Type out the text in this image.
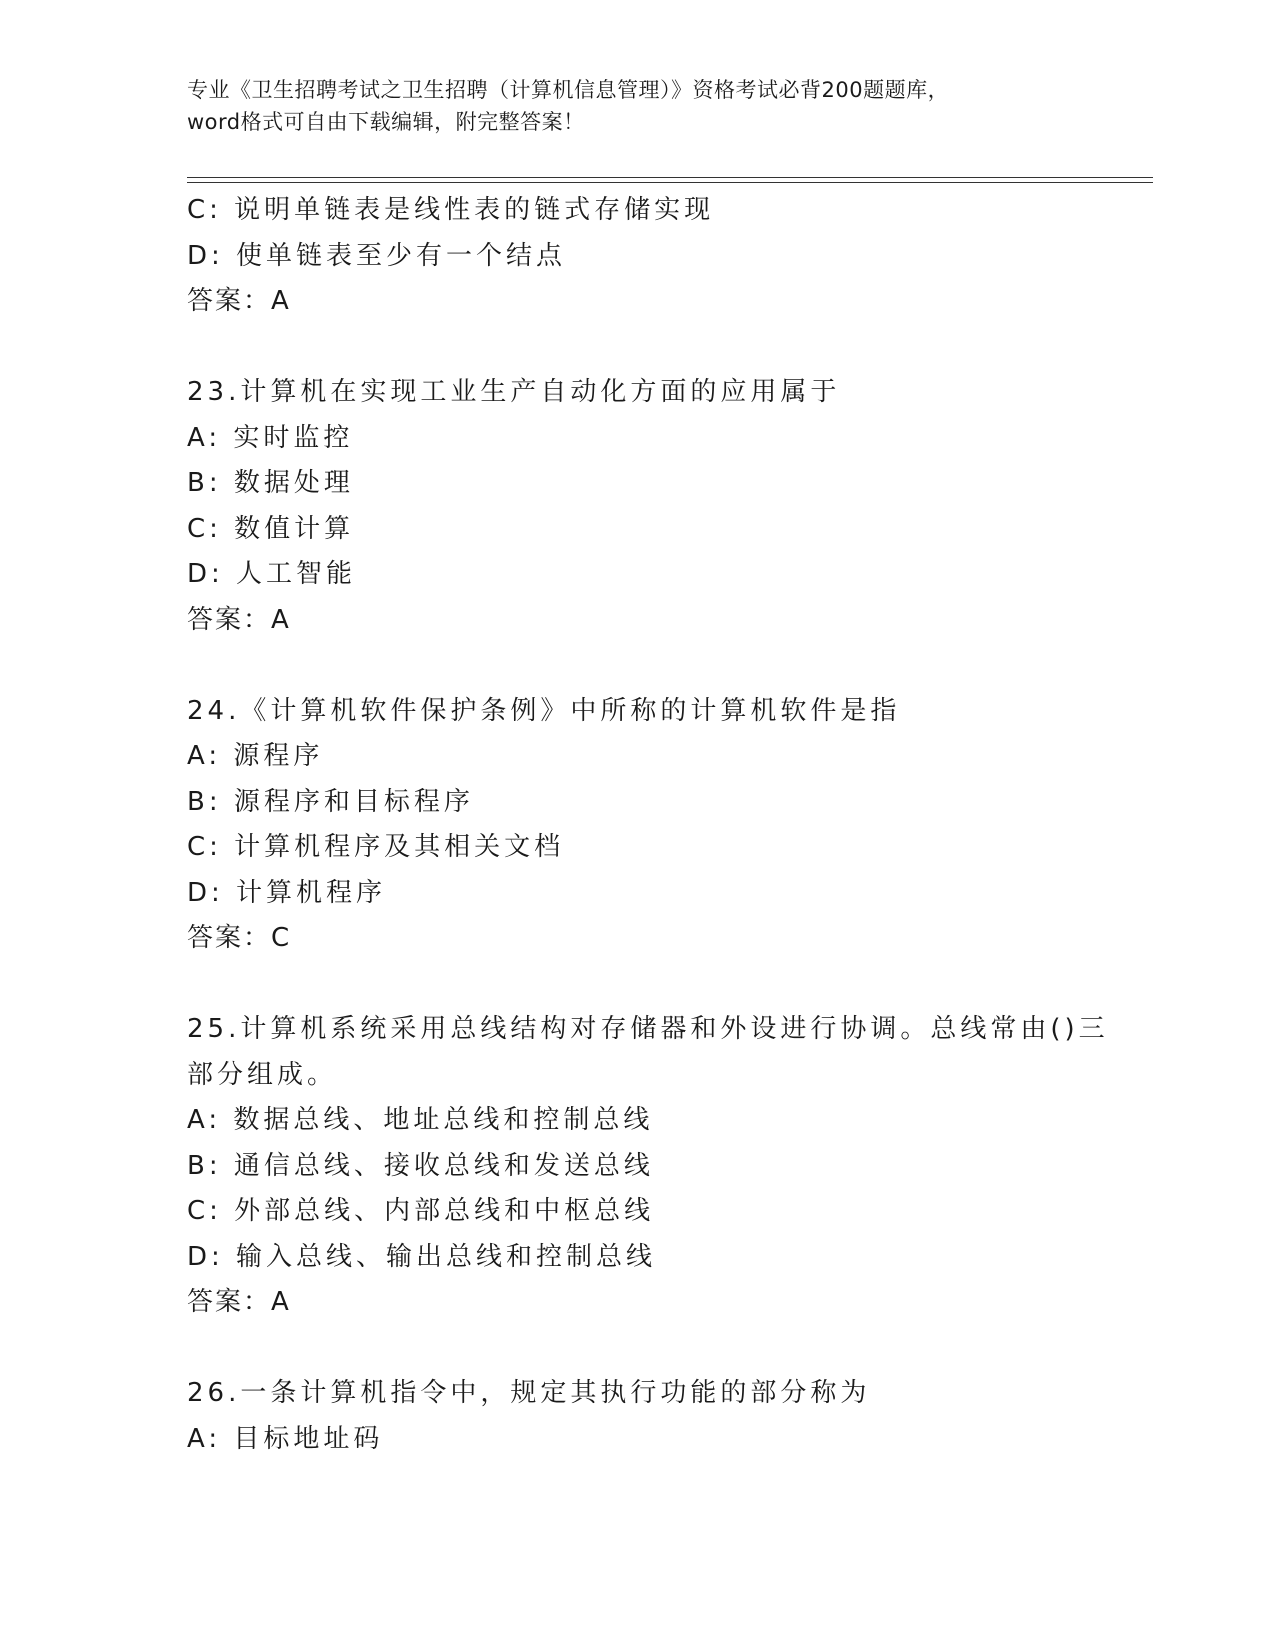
专业《卫生招聘考试之卫生招聘（计算机信息管理）》资格考试必背200题题库，

word格式可自由下载编辑，附完整答案！

C: 说明单链表是线性表的链式存储实现

D: 使单链表至少有一个结点

答案：A

23.计算机在实现工业生产自动化方面的应用属于

A: 实时监控

B: 数据处理

C: 数值计算

D: 人工智能

答案：A

24.《计算机软件保护条例》中所称的计算机软件是指

A: 源程序

B: 源程序和目标程序

C: 计算机程序及其相关文档

D: 计算机程序

答案：C

25.计算机系统采用总线结构对存储器和外设进行协调。总线常由()三

部分组成。

A: 数据总线、地址总线和控制总线

B: 通信总线、接收总线和发送总线

C: 外部总线、内部总线和中枢总线

D: 输入总线、输出总线和控制总线

答案：A

26.一条计算机指令中，规定其执行功能的部分称为

A: 目标地址码
